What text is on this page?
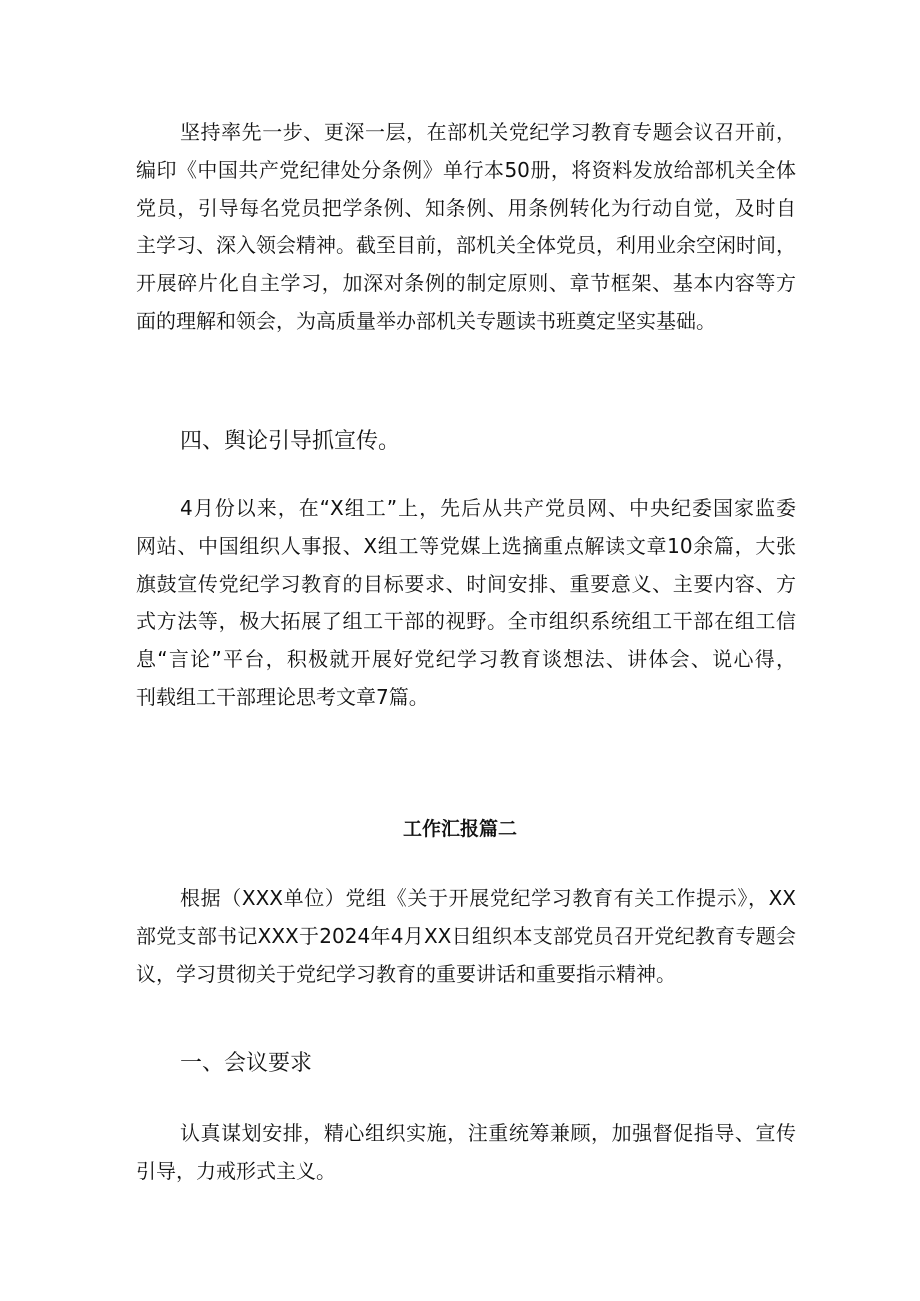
坚持率先一步、更深一层，在部机关党纪学习教育专题会议召开前，
编印《中国共产党纪律处分条例》单行本50册，将资料发放给部机关全体
党员，引导每名党员把学条例、知条例、用条例转化为行动自觉，及时自
主学习、深入领会精神。截至目前，部机关全体党员，利用业余空闲时间，
开展碎片化自主学习，加深对条例的制定原则、章节框架、基本内容等方
面的理解和领会，为高质量举办部机关专题读书班奠定坚实基础。

四、舆论引导抓宣传。

4月份以来，在“X组工”上，先后从共产党员网、中央纪委国家监委
网站、中国组织人事报、X组工等党媒上选摘重点解读文章10余篇，大张
旗鼓宣传党纪学习教育的目标要求、时间安排、重要意义、主要内容、方
式方法等，极大拓展了组工干部的视野。全市组织系统组工干部在组工信
息“言论”平台，积极就开展好党纪学习教育谈想法、讲体会、说心得，
刊载组工干部理论思考文章7篇。

工作汇报篇二

根据（XXX单位）党组《关于开展党纪学习教育有关工作提示》，XX
部党支部书记XXX于2024年4月XX日组织本支部党员召开党纪教育专题会
议，学习贯彻关于党纪学习教育的重要讲话和重要指示精神。

一、会议要求

认真谋划安排，精心组织实施，注重统筹兼顾，加强督促指导、宣传
引导，力戒形式主义。
